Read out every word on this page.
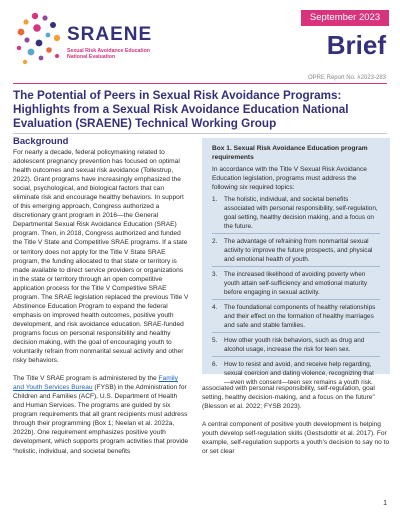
SRAENE
Sexual Risk Avoidance Education
National Evaluation
September 2023
Brief
OPRE Report No. #2023-283
The Potential of Peers in Sexual Risk Avoidance Programs: Highlights from a Sexual Risk Avoidance Education National Evaluation (SRAENE) Technical Working Group
Background

For nearly a decade, federal policymaking related to adolescent pregnancy prevention has focused on optimal health outcomes and sexual risk avoidance (Tollestrup, 2022). Grant programs have increasingly emphasized the social, psychological, and biological factors that can eliminate risk and encourage healthy behaviors. In support of this emerging approach, Congress authorized a discretionary grant program in 2016—the General Departmental Sexual Risk Avoidance Education (SRAE) program. Then, in 2018, Congress authorized and funded the Title V State and Competitive SRAE programs. If a state or territory does not apply for the Title V State SRAE program, the funding allocated to that state or territory is made available to direct service providers or organizations in the state or territory through an open competitive application process for the Title V Competitive SRAE program. The SRAE legislation replaced the previous Title V Abstinence Education Program to expand the federal emphasis on improved health outcomes, positive youth development, and risk avoidance education. SRAE-funded programs focus on personal responsibility and healthy decision making, with the goal of encouraging youth to voluntarily refrain from nonmarital sexual activity and other risky behaviors.

The Title V SRAE program is administered by the Family and Youth Services Bureau (FYSB) in the Administration for Children and Families (ACF), U.S. Department of Health and Human Services. The programs are guided by six program requirements that all grant recipients must address through their programming (Box 1; Neelan et al. 2022a, 2022b). One requirement emphasizes positive youth development, which supports program activities that provide “holistic, individual, and societal benefits

Box 1. Sexual Risk Avoidance Education program requirements
In accordance with the Title V Sexual Risk Avoidance Education legislation, programs must address the following six required topics:
1. The holistic, individual, and societal benefits associated with personal responsibility, self-regulation, goal setting, healthy decision making, and a focus on the future.
2. The advantage of refraining from nonmarital sexual activity to improve the future prospects, and physical and emotional health of youth.
3. The increased likelihood of avoiding poverty when youth attain self-sufficiency and emotional maturity before engaging in sexual activity.
4. The foundational components of healthy relationships and their effect on the formation of healthy marriages and safe and stable families.
5. How other youth risk behaviors, such as drug and alcohol usage, increase the risk for teen sex.
6. How to resist and avoid, and receive help regarding, sexual coercion and dating violence, recognizing that—even with consent—teen sex remains a youth risk.

associated with personal responsibility, self-regulation, goal setting, healthy decision-making, and a focus on the future” (Blesson et al. 2022; FYSB 2023).

A central component of positive youth development is helping youth develop self-regulation skills (Gestsdottir et al. 2017). For example, self-regulation supports a youth’s decision to say no to or set clear

1
